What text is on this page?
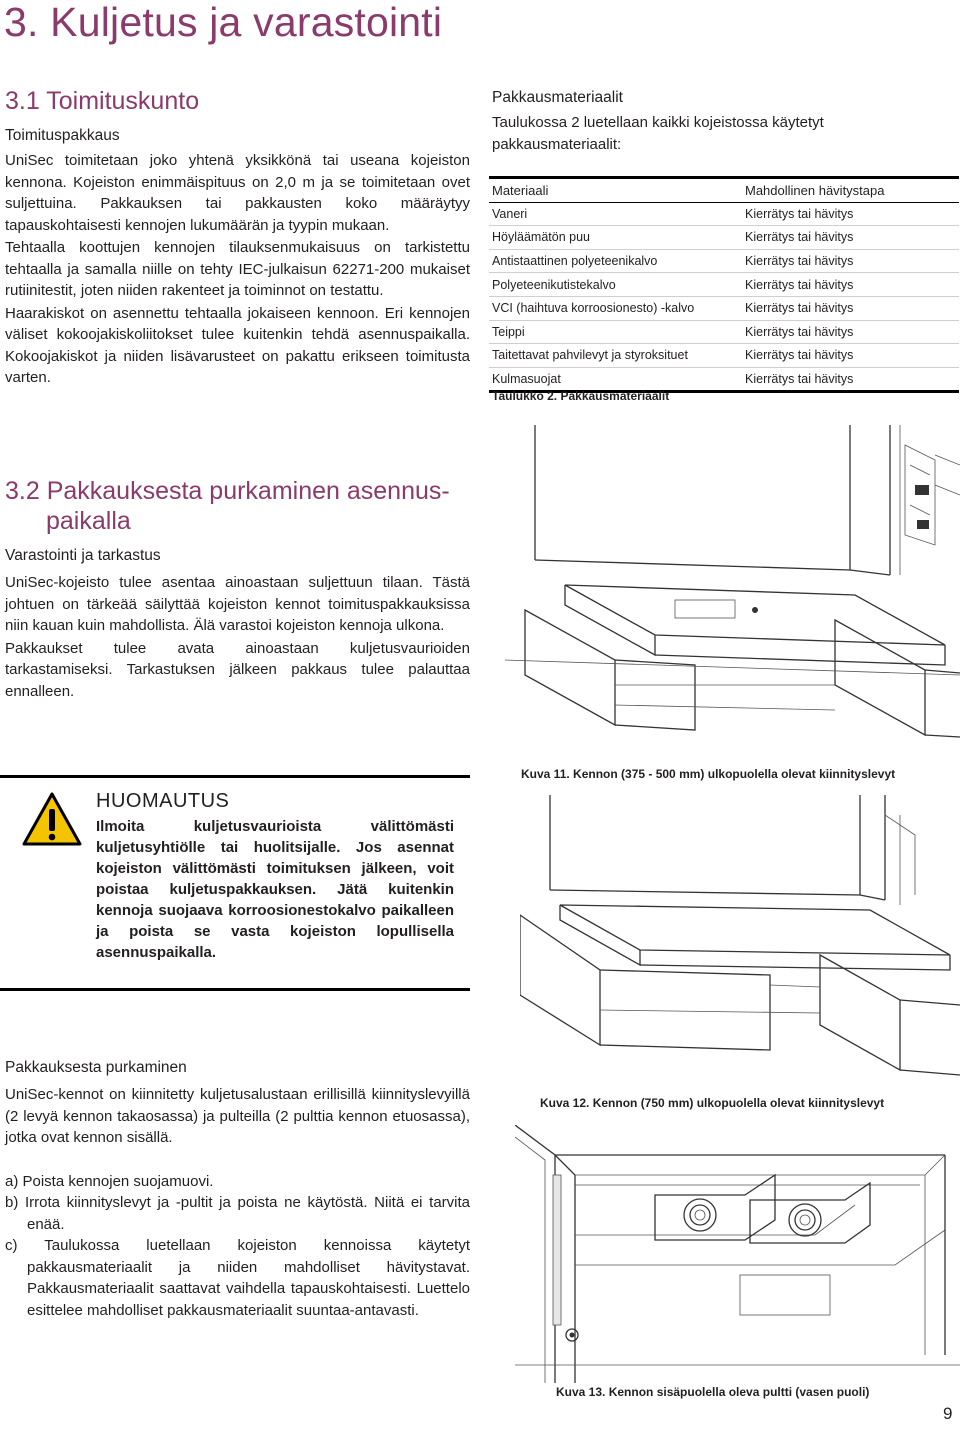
3. Kuljetus ja varastointi
3.1 Toimituskunto
Toimituspakkaus

UniSec toimitetaan joko yhtenä yksikkönä tai useana kojeiston kennona. Kojeiston enimmäispituus on 2,0 m ja se toimitetaan ovet suljettuina. Pakkauksen tai pakkausten koko määräytyy tapauskohtaisesti kennojen lukumäärän ja tyypin mukaan.

Tehtaalla koottujen kennojen tilauksenmukaisuus on tarkistettu tehtaalla ja samalla niille on tehty IEC-julkaisun 62271-200 mukaiset rutiinitestit, joten niiden rakenteet ja toiminnot on testattu.

Haarakiskot on asennettu tehtaalla jokaiseen kennoon. Eri kennojen väliset kokoojakiskoliitokset tulee kuitenkin tehdä asennuspaikalla. Kokoojakiskot ja niiden lisävarusteet on pakattu erikseen toimitusta varten.

Pakkausmateriaalit

Taulukossa 2 luetellaan kaikki kojeistossa käytetyt pakkausmateriaalit:

Materiaali	Mahdollinen hävitystapa
Vaneri	Kierrätys tai hävitys
Höyläämätön puu	Kierrätys tai hävitys
Antistaattinen polyeteenikalvo	Kierrätys tai hävitys
Polyeteenikutistekalvo	Kierrätys tai hävitys
VCI (haihtuva korroosionesto) -kalvo	Kierrätys tai hävitys
Teippi	Kierrätys tai hävitys
Taitettavat pahvilevyt ja styroksituet	Kierrätys tai hävitys
Kulmasuojat	Kierrätys tai hävitys
Taulukko 2. Pakkausmateriaalit
Kuva 11. Kennon (375 - 500 mm) ulkopuolella olevat kiinnityslevyt
3.2 Pakkauksesta purkaminen asennus-
paikalla
Varastointi ja tarkastus

UniSec-kojeisto tulee asentaa ainoastaan suljettuun tilaan. Tästä johtuen on tärkeää säilyttää kojeiston kennot toimituspakkauksissa niin kauan kuin mahdollista. Älä varastoi kojeiston kennoja ulkona.

Pakkaukset tulee avata ainoastaan kuljetusvaurioiden tarkastamiseksi. Tarkastuksen jälkeen pakkaus tulee palauttaa ennalleen.

HUOMAUTUS

Ilmoita kuljetusvaurioista välittömästi kuljetusyhtiölle tai huolitsijalle. Jos asennat kojeiston välittömästi toimituksen jälkeen, voit poistaa kuljetuspakkauksen. Jätä kuitenkin kennoja suojaava korroosionestokalvo paikalleen ja poista se vasta kojeiston lopullisella asennuspaikalla.

Kuva 12. Kennon (750 mm) ulkopuolella olevat kiinnityslevyt
Pakkauksesta purkaminen

UniSec-kennot on kiinnitetty kuljetusalustaan erillisillä kiinnityslevyillä (2 levyä kennon takaosassa) ja pulteilla (2 pulttia kennon etuosassa), jotka ovat kennon sisällä.

a) Poista kennojen suojamuovi.

b) Irrota kiinnityslevyt ja -pultit ja poista ne käytöstä. Niitä ei tarvita enää.

c) Taulukossa luetellaan kojeiston kennoissa käytetyt pakkausmateriaalit ja niiden mahdolliset hävitystavat. Pakkausmateriaalit saattavat vaihdella tapauskohtaisesti. Luettelo esittelee mahdolliset pakkausmateriaalit suuntaa-antavasti.

Kuva 13. Kennon sisäpuolella oleva pultti (vasen puoli)
9
